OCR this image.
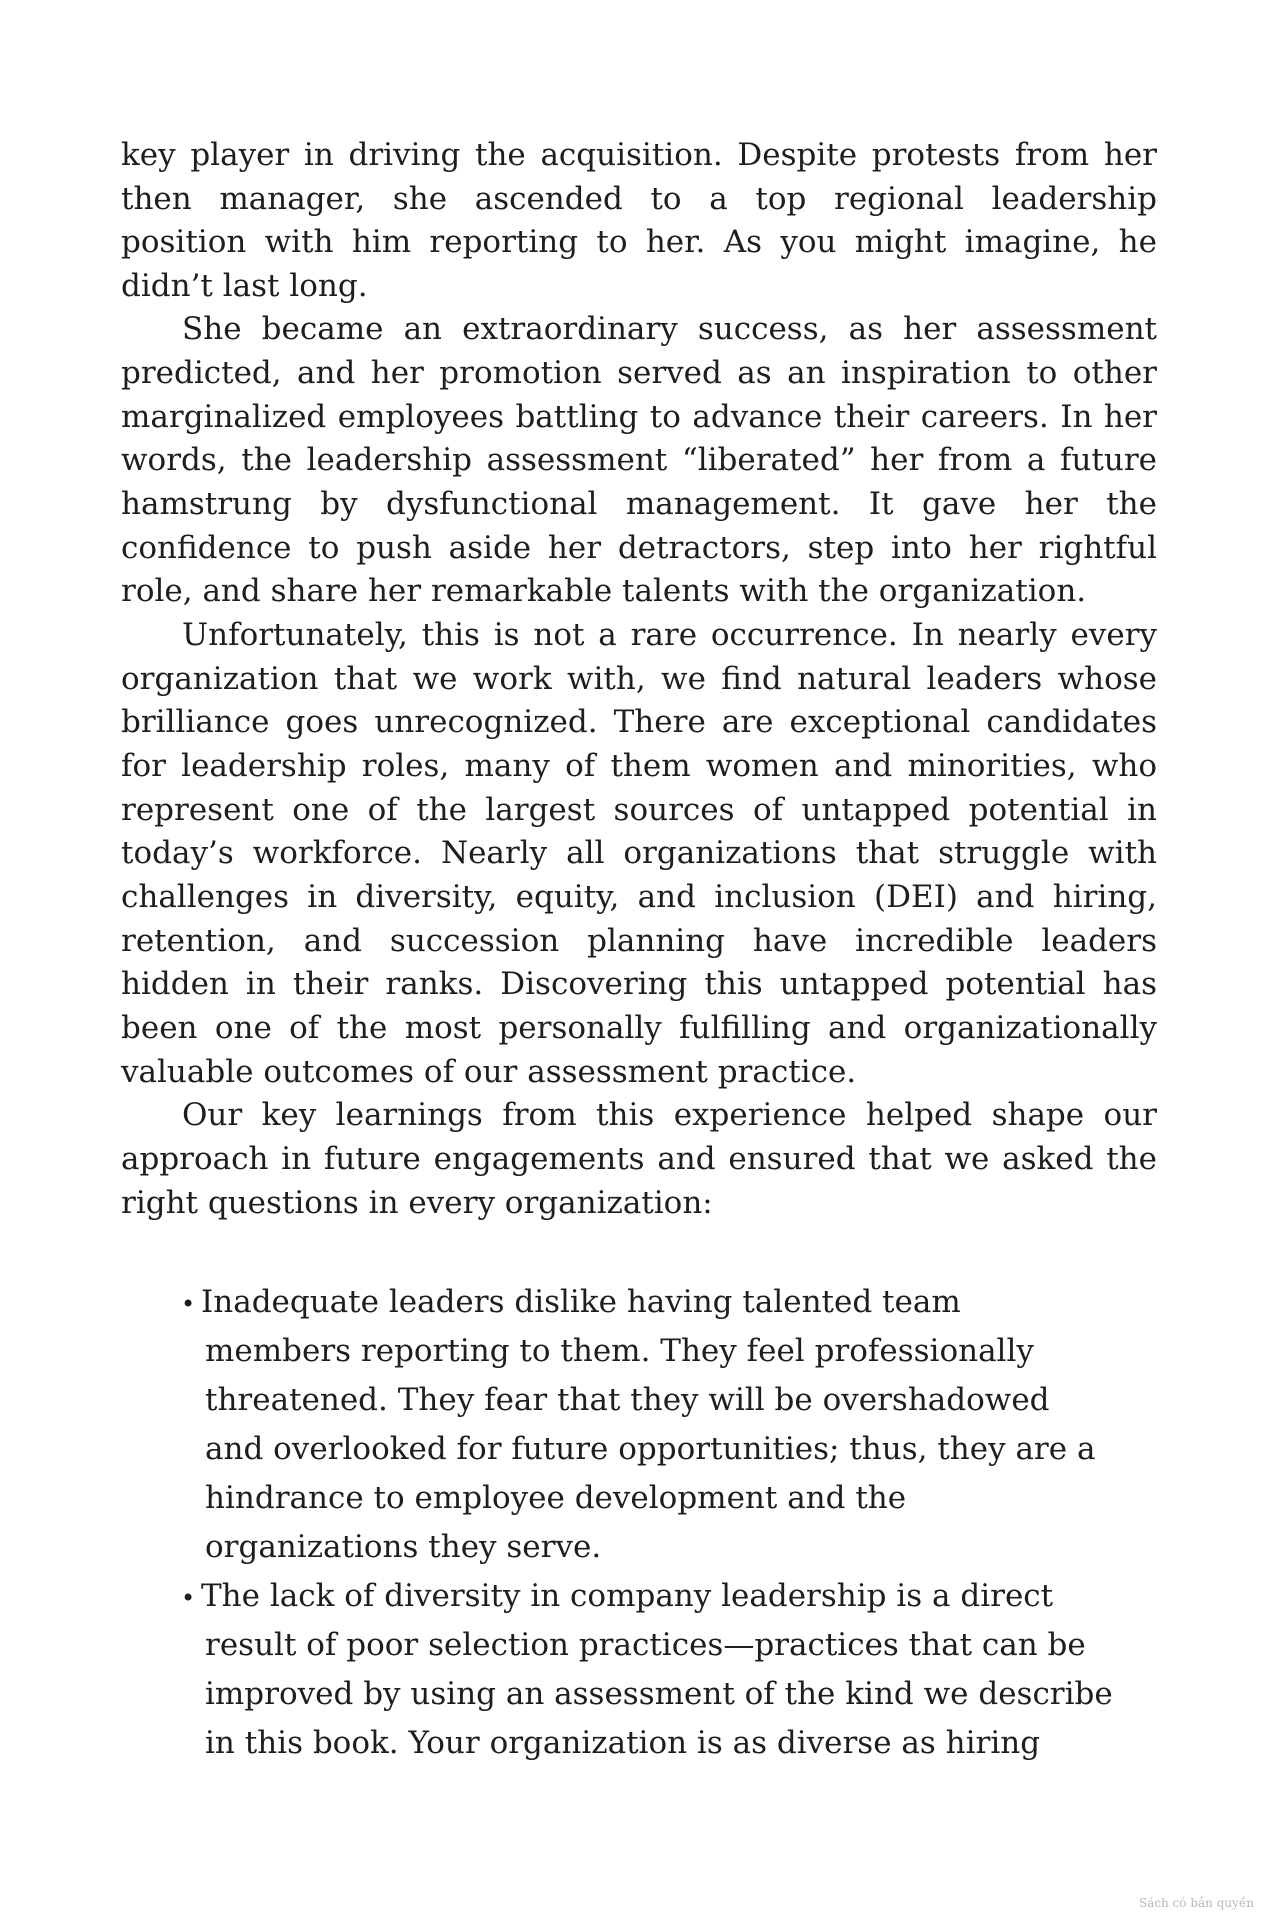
key player in driving the acquisition. Despite protests from her
then manager, she ascended to a top regional leadership
position with him reporting to her. As you might imagine, he
didn’t last long.
She became an extraordinary success, as her assessment
predicted, and her promotion served as an inspiration to other
marginalized employees battling to advance their careers. In her
words, the leadership assessment “liberated” her from a future
hamstrung by dysfunctional management. It gave her the
confidence to push aside her detractors, step into her rightful
role, and share her remarkable talents with the organization.
Unfortunately, this is not a rare occurrence. In nearly every
organization that we work with, we find natural leaders whose
brilliance goes unrecognized. There are exceptional candidates
for leadership roles, many of them women and minorities, who
represent one of the largest sources of untapped potential in
today’s workforce. Nearly all organizations that struggle with
challenges in diversity, equity, and inclusion (DEI) and hiring,
retention, and succession planning have incredible leaders
hidden in their ranks. Discovering this untapped potential has
been one of the most personally fulfilling and organizationally
valuable outcomes of our assessment practice.
Our key learnings from this experience helped shape our
approach in future engagements and ensured that we asked the
right questions in every organization:
• Inadequate leaders dislike having talented team
members reporting to them. They feel professionally
threatened. They fear that they will be overshadowed
and overlooked for future opportunities; thus, they are a
hindrance to employee development and the
organizations they serve.
• The lack of diversity in company leadership is a direct
result of poor selection practices—practices that can be
improved by using an assessment of the kind we describe
in this book. Your organization is as diverse as hiring
Sách có bản quyền
